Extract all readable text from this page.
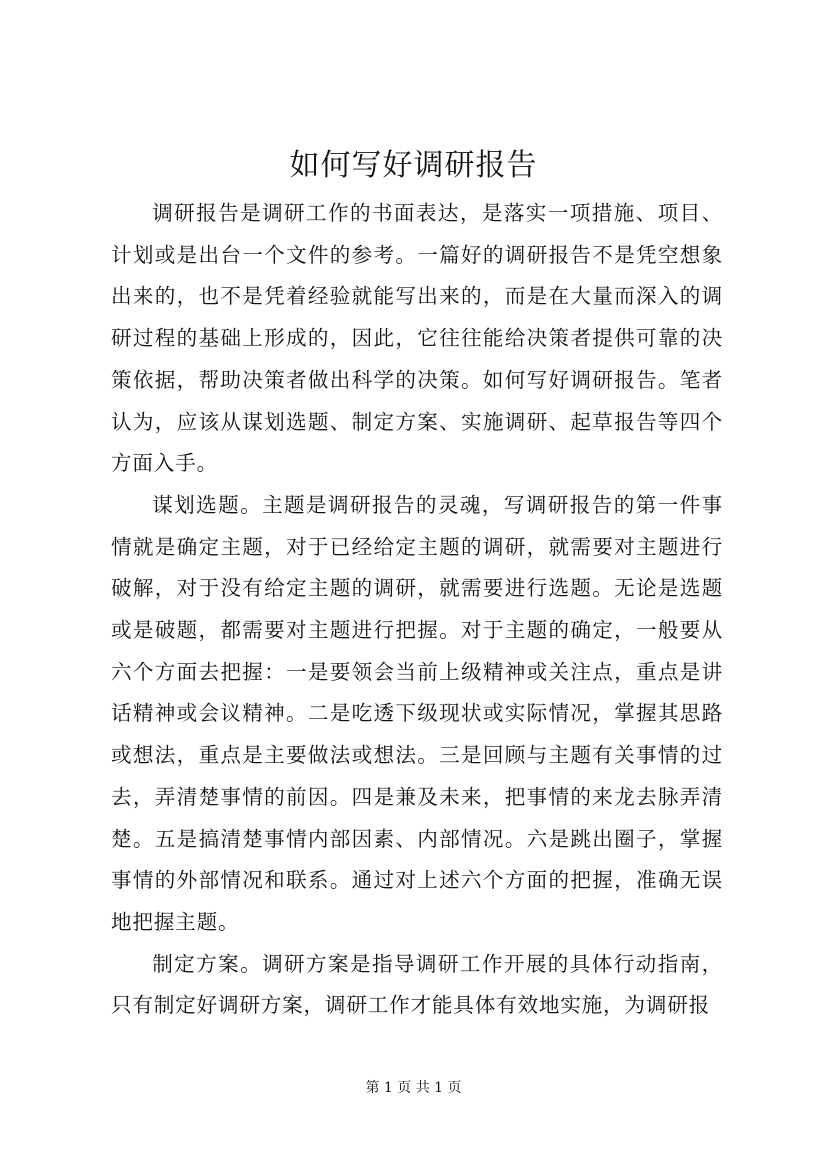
如何写好调研报告

调研报告是调研工作的书面表达，是落实一项措施、项目、计划或是出台一个文件的参考。一篇好的调研报告不是凭空想象出来的，也不是凭着经验就能写出来的，而是在大量而深入的调研过程的基础上形成的，因此，它往往能给决策者提供可靠的决策依据，帮助决策者做出科学的决策。如何写好调研报告。笔者认为，应该从谋划选题、制定方案、实施调研、起草报告等四个方面入手。

谋划选题。主题是调研报告的灵魂，写调研报告的第一件事情就是确定主题，对于已经给定主题的调研，就需要对主题进行破解，对于没有给定主题的调研，就需要进行选题。无论是选题或是破题，都需要对主题进行把握。对于主题的确定，一般要从六个方面去把握：一是要领会当前上级精神或关注点，重点是讲话精神或会议精神。二是吃透下级现状或实际情况，掌握其思路或想法，重点是主要做法或想法。三是回顾与主题有关事情的过去，弄清楚事情的前因。四是兼及未来，把事情的来龙去脉弄清楚。五是搞清楚事情内部因素、内部情况。六是跳出圈子，掌握事情的外部情况和联系。通过对上述六个方面的把握，准确无误地把握主题。

制定方案。调研方案是指导调研工作开展的具体行动指南，只有制定好调研方案，调研工作才能具体有效地实施，为调研报

第 1 页 共 1 页
